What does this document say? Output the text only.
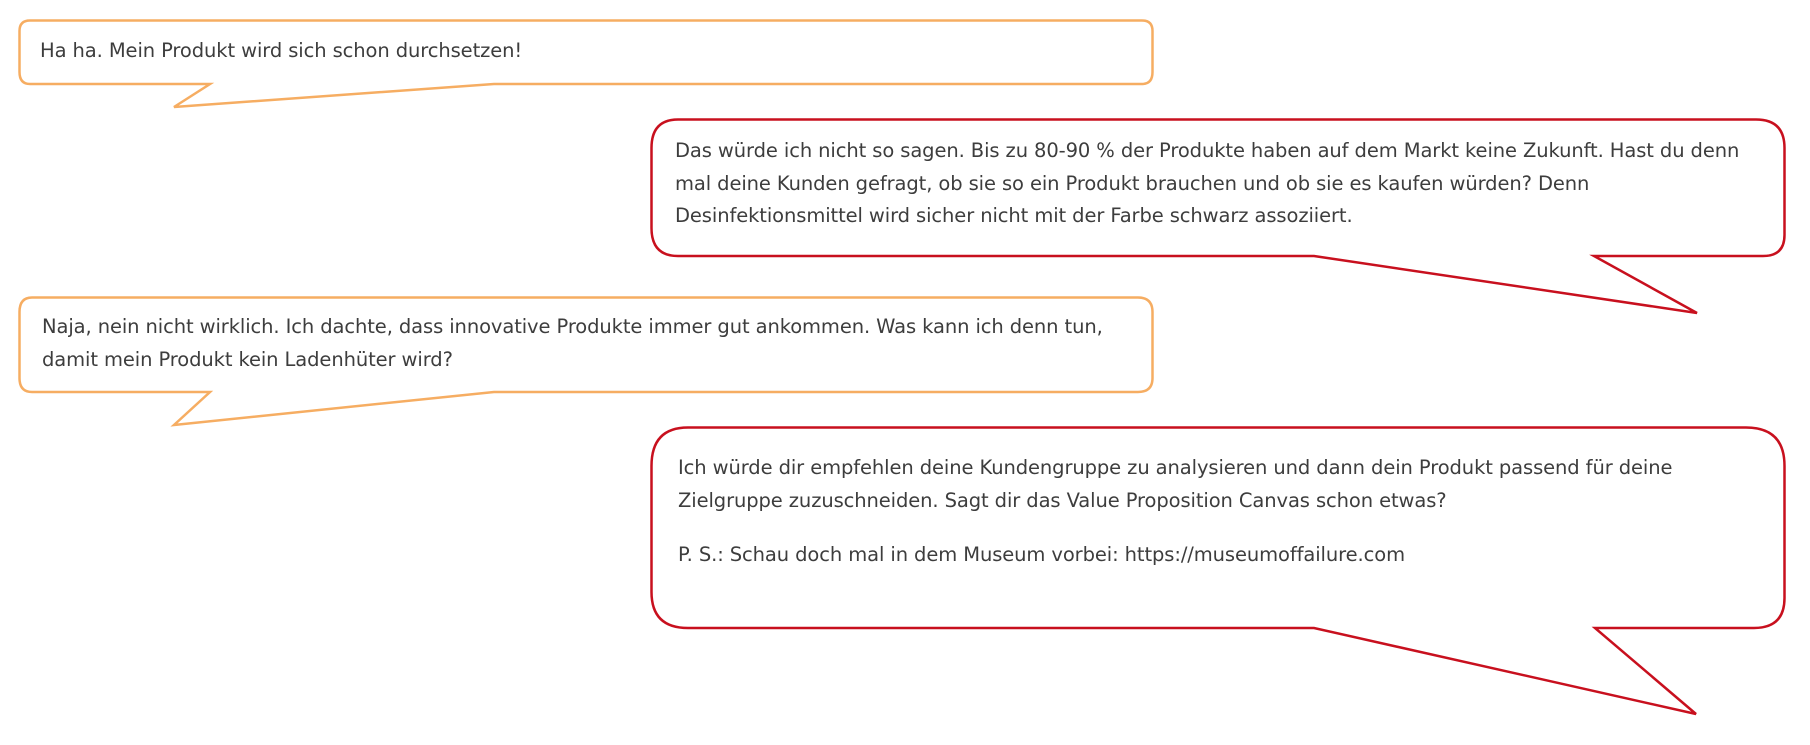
Ha ha. Mein Produkt wird sich schon durchsetzen!

Das würde ich nicht so sagen. Bis zu 80-90 % der Produkte haben auf dem Markt keine Zukunft. Hast du denn mal deine Kunden gefragt, ob sie so ein Produkt brauchen und ob sie es kaufen würden? Denn Desinfektionsmittel wird sicher nicht mit der Farbe schwarz assoziiert.

Naja, nein nicht wirklich. Ich dachte, dass innovative Produkte immer gut ankommen. Was kann ich denn tun, damit mein Produkt kein Ladenhüter wird?

Ich würde dir empfehlen deine Kundengruppe zu analysieren und dann dein Produkt passend für deine Zielgruppe zuzuschneiden. Sagt dir das Value Proposition Canvas schon etwas?

P. S.: Schau doch mal in dem Museum vorbei: https://museumoffailure.com
